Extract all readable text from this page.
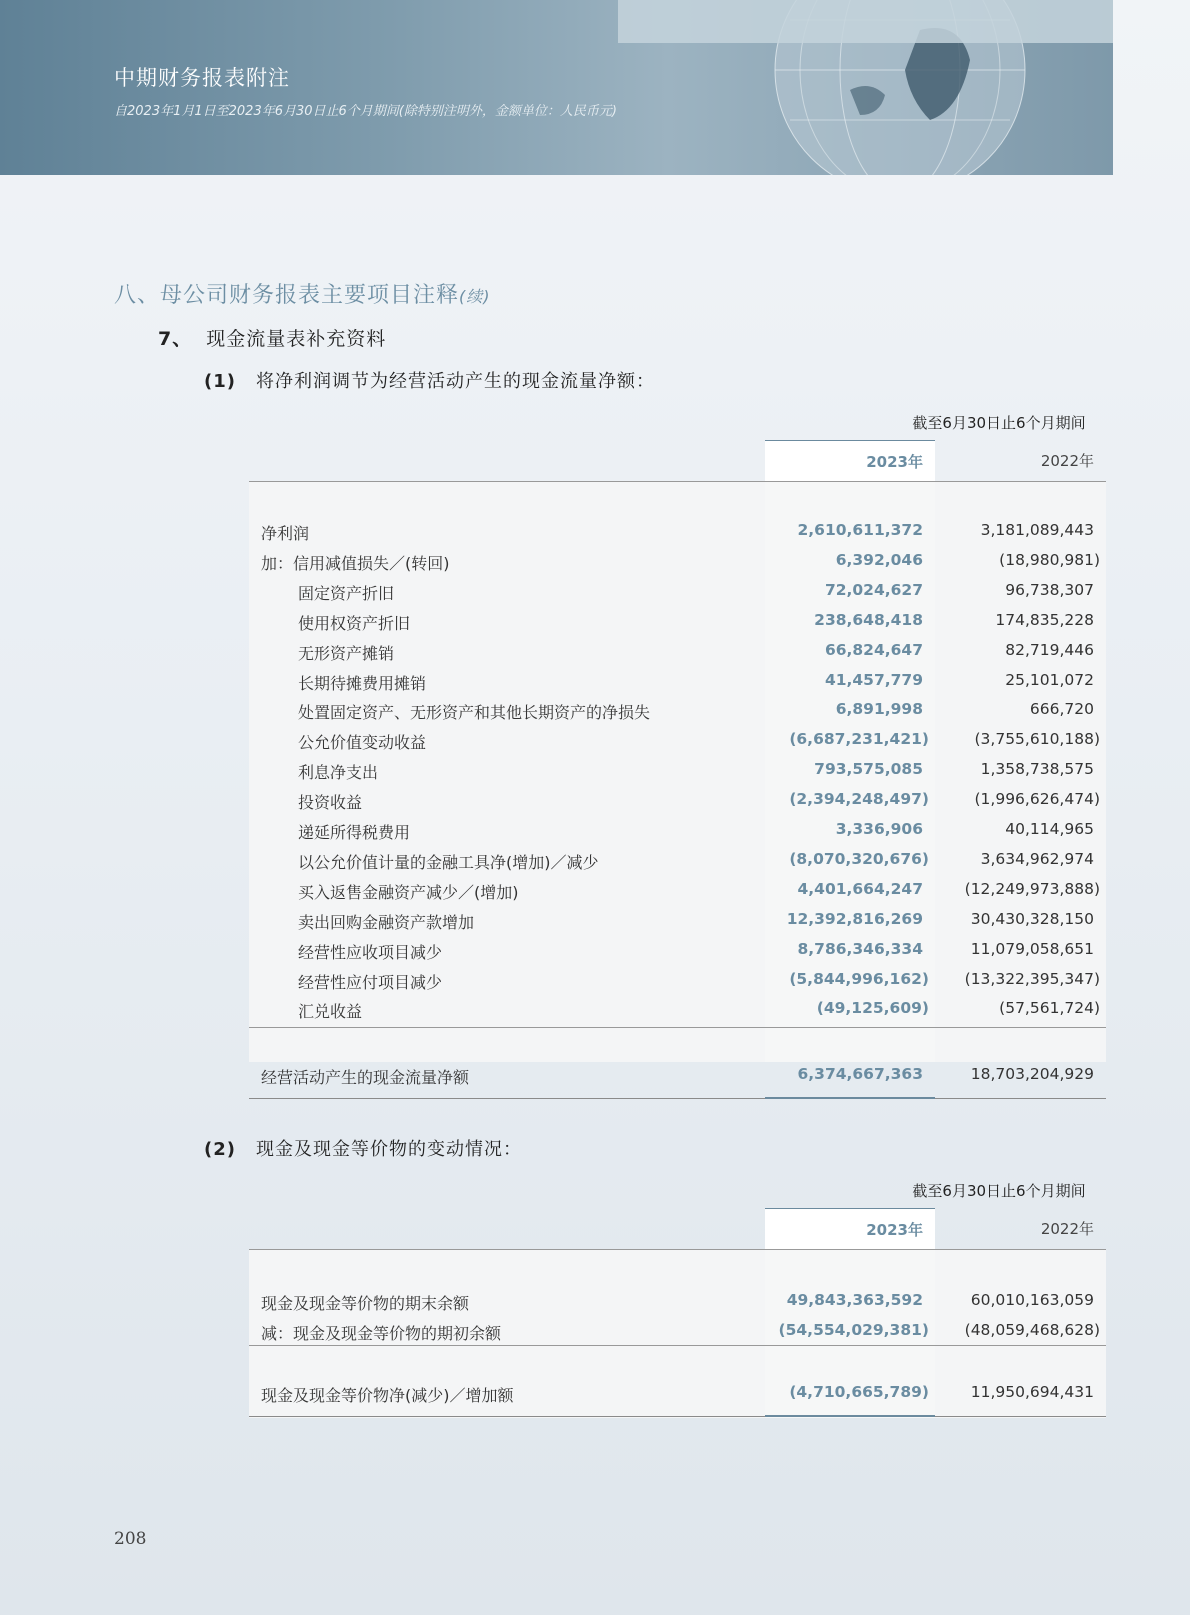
中期财务报表附注
自2023年1月1日至2023年6月30日止6个月期间(除特别注明外，金额单位：人民币元)
八、母公司财务报表主要项目注释(续)
7、 现金流量表补充资料
(1) 将净利润调节为经营活动产生的现金流量净额：
截至6月30日止6个月期间
2023年	2022年
净利润	2,610,611,372	3,181,089,443
加：信用减值损失／(转回)	6,392,046	(18,980,981)
固定资产折旧	72,024,627	96,738,307
使用权资产折旧	238,648,418	174,835,228
无形资产摊销	66,824,647	82,719,446
长期待摊费用摊销	41,457,779	25,101,072
处置固定资产、无形资产和其他长期资产的净损失	6,891,998	666,720
公允价值变动收益	(6,687,231,421)	(3,755,610,188)
利息净支出	793,575,085	1,358,738,575
投资收益	(2,394,248,497)	(1,996,626,474)
递延所得税费用	3,336,906	40,114,965
以公允价值计量的金融工具净(增加)／减少	(8,070,320,676)	3,634,962,974
买入返售金融资产减少／(增加)	4,401,664,247	(12,249,973,888)
卖出回购金融资产款增加	12,392,816,269	30,430,328,150
经营性应收项目减少	8,786,346,334	11,079,058,651
经营性应付项目减少	(5,844,996,162)	(13,322,395,347)
汇兑收益	(49,125,609)	(57,561,724)
经营活动产生的现金流量净额	6,374,667,363	18,703,204,929
(2) 现金及现金等价物的变动情况：
截至6月30日止6个月期间
2023年	2022年
现金及现金等价物的期末余额	49,843,363,592	60,010,163,059
减：现金及现金等价物的期初余额	(54,554,029,381)	(48,059,468,628)
现金及现金等价物净(减少)／增加额	(4,710,665,789)	11,950,694,431
208
